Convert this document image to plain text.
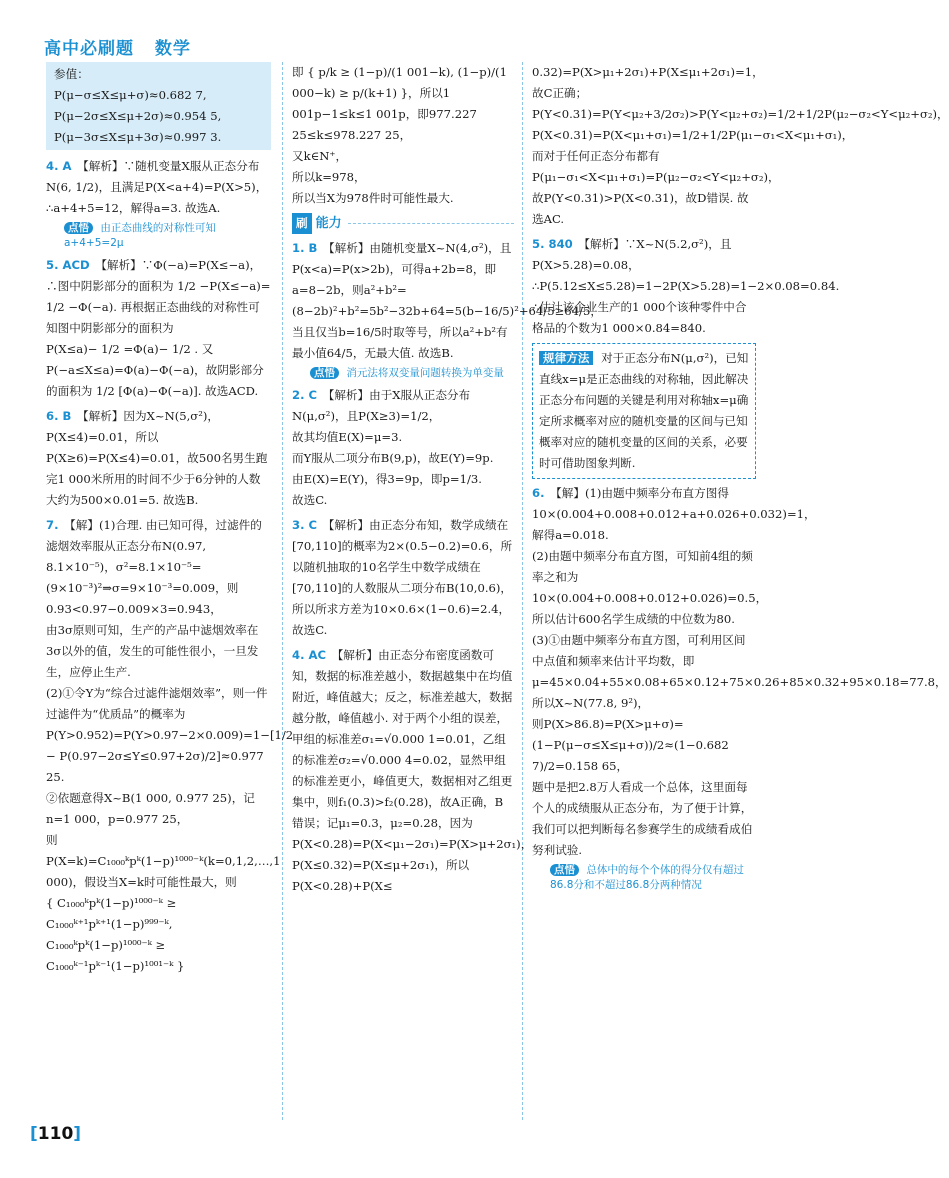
高中必刷题 数学
参值：
P(μ−σ≤X≤μ+σ)≈0.682 7,
P(μ−2σ≤X≤μ+2σ)≈0.954 5,
P(μ−3σ≤X≤μ+3σ)≈0.997 3.
4. A 【解析】∵随机变量X服从正态分布N(6, 1/2)，且满足P(X<a+4)=P(X>5)，
∴a+4+5=12，解得a=3. 故选A.
点悟 由正态曲线的对称性可知 a+4+5=2μ
5. ACD 【解析】∵Φ(−a)=P(X≤−a)，
∴图中阴影部分的面积为 1/2 −P(X≤−a)= 1/2 −Φ(−a). 再根据正态曲线的对称性可知图中阴影部分的面积为
P(X≤a)− 1/2 =Φ(a)− 1/2 . 又P(−a≤X≤a)=Φ(a)−Φ(−a)，故阴影部分的面积为 1/2 [Φ(a)−Φ(−a)]. 故选ACD.
6. B 【解析】因为X~N(5,σ²)，P(X≤4)=0.01，所以P(X≥6)=P(X≤4)=0.01，故500名男生跑完1 000米所用的时间不少于6分钟的人数大约为500×0.01=5. 故选B.
7. 【解】(1)合理. 由已知可得，过滤件的滤烟效率服从正态分布N(0.97, 8.1×10⁻⁵)，σ²=8.1×10⁻⁵=(9×10⁻³)²⇒σ=9×10⁻³=0.009，则0.93<0.97−0.009×3=0.943，
由3σ原则可知，生产的产品中滤烟效率在3σ以外的值，发生的可能性很小，一旦发生，应停止生产.
(2)①令Y为“综合过滤件滤烟效率”，则一件过滤件为“优质品”的概率为P(Y>0.952)=P(Y>0.97−2×0.009)=1−[1/2 − P(0.97−2σ≤Y≤0.97+2σ)/2]≈0.977 25.
②依题意得X~B(1 000, 0.977 25)，记n=1 000，p=0.977 25，
则P(X=k)=C₁₀₀₀ᵏpᵏ(1−p)¹⁰⁰⁰⁻ᵏ(k=0,1,2,…,1 000)，假设当X=k时可能性最大，则
{ C₁₀₀₀ᵏpᵏ(1−p)¹⁰⁰⁰⁻ᵏ ≥ C₁₀₀₀ᵏ⁺¹pᵏ⁺¹(1−p)⁹⁹⁹⁻ᵏ, C₁₀₀₀ᵏpᵏ(1−p)¹⁰⁰⁰⁻ᵏ ≥ C₁₀₀₀ᵏ⁻¹pᵏ⁻¹(1−p)¹⁰⁰¹⁻ᵏ }
即 { p/k ≥ (1−p)/(1 001−k), (1−p)/(1 000−k) ≥ p/(k+1) }，所以1 001p−1≤k≤1 001p，即977.227 25≤k≤978.227 25，
又k∈N⁺，
所以k=978，
所以当X为978件时可能性最大.
刷 能力
1. B 【解析】由随机变量X~N(4,σ²)，且P(x<a)=P(x>2b)，可得a+2b=8，即a=8−2b，则a²+b²=(8−2b)²+b²=5b²−32b+64=5(b−16/5)²+64/5≥64/5，当且仅当b=16/5时取等号，所以a²+b²有最小值64/5，无最大值. 故选B.
点悟 消元法将双变量问题转换为单变量
2. C 【解析】由于X服从正态分布N(μ,σ²)，且P(X≥3)=1/2，
故其均值E(X)=μ=3.
而Y服从二项分布B(9,p)，故E(Y)=9p.
由E(X)=E(Y)，得3=9p，即p=1/3.
故选C.
3. C 【解析】由正态分布知，数学成绩在[70,110]的概率为2×(0.5−0.2)=0.6，所以随机抽取的10名学生中数学成绩在[70,110]的人数服从二项分布B(10,0.6)，所以所求方差为10×0.6×(1−0.6)=2.4，故选C.
4. AC 【解析】由正态分布密度函数可知，数据的标准差越小，数据越集中在均值附近，峰值越大；反之，标准差越大，数据越分散，峰值越小. 对于两个小组的误差，甲组的标准差σ₁=√0.000 1=0.01，乙组的标准差σ₂=√0.000 4=0.02，显然甲组的标准差更小，峰值更大，数据相对乙组更集中，则f₁(0.3)>f₂(0.28)，故A正确，B错误；记μ₁=0.3，μ₂=0.28，因为P(X<0.28)=P(X<μ₁−2σ₁)=P(X>μ+2σ₁)，P(X≤0.32)=P(X≤μ+2σ₁)，所以P(X<0.28)+P(X≤
0.32)=P(X>μ₁+2σ₁)+P(X≤μ₁+2σ₁)=1，故C正确；P(Y<0.31)=P(Y<μ₂+3/2σ₂)>P(Y<μ₂+σ₂)=1/2+1/2P(μ₂−σ₂<Y<μ₂+σ₂)，
P(X<0.31)=P(X<μ₁+σ₁)=1/2+1/2P(μ₁−σ₁<X<μ₁+σ₁)，而对于任何正态分布都有P(μ₁−σ₁<X<μ₁+σ₁)=P(μ₂−σ₂<Y<μ₂+σ₂)，故P(Y<0.31)>P(X<0.31)，故D错误. 故选AC.
5. 840 【解析】∵X~N(5.2,σ²)，且P(X>5.28)=0.08，
∴P(5.12≤X≤5.28)=1−2P(X>5.28)=1−2×0.08=0.84. ∴估计该企业生产的1 000个该种零件中合格品的个数为1 000×0.84=840.
规律方法 对于正态分布N(μ,σ²)，已知直线x=μ是正态曲线的对称轴，因此解决正态分布问题的关键是利用对称轴x=μ确定所求概率对应的随机变量的区间与已知概率对应的随机变量的区间的关系，必要时可借助图象判断.
6. 【解】(1)由题中频率分布直方图得10×(0.004+0.008+0.012+a+0.026+0.032)=1，解得a=0.018.
(2)由题中频率分布直方图，可知前4组的频率之和为10×(0.004+0.008+0.012+0.026)=0.5，所以估计600名学生成绩的中位数为80.
(3)①由题中频率分布直方图，可利用区间中点值和频率来估计平均数，即μ=45×0.04+55×0.08+65×0.12+75×0.26+85×0.32+95×0.18=77.8，
所以X~N(77.8, 9²)，
则P(X>86.8)=P(X>μ+σ)=(1−P(μ−σ≤X≤μ+σ))/2≈(1−0.682 7)/2=0.158 65，
题中是把2.8万人看成一个总体，这里面每个人的成绩服从正态分布，为了便于计算，我们可以把判断每名参赛学生的成绩看成伯努利试验.
点悟 总体中的每个个体的得分仅有超过86.8分和不超过86.8分两种情况
[ 110 ]
